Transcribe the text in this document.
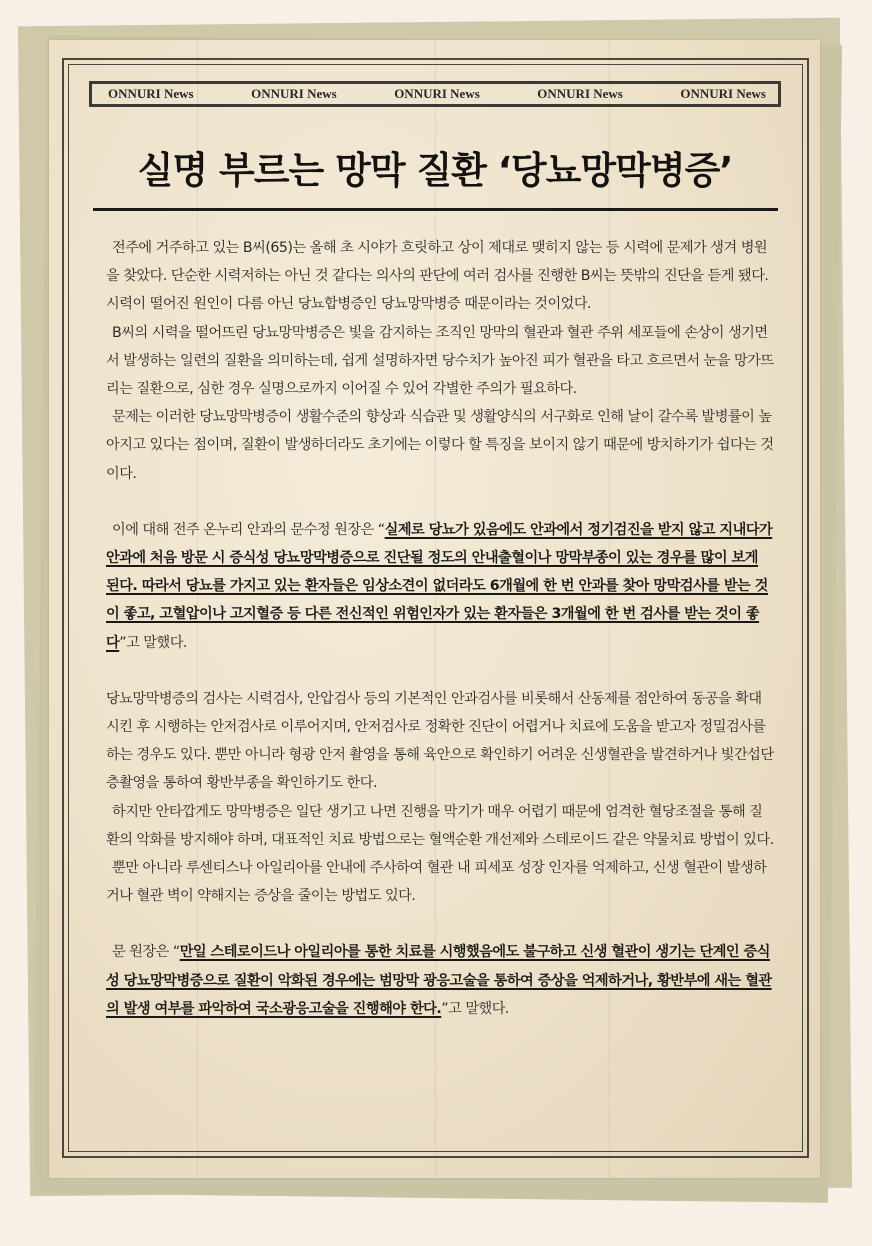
ONNURI News	ONNURI News	ONNURI News	ONNURI News	ONNURI News
실명 부르는 망막 질환 ‘당뇨망막병증’

전주에 거주하고 있는 B씨(65)는 올해 초 시야가 흐릿하고 상이 제대로 맺히지 않는 등 시력에 문제가 생겨 병원을 찾았다. 단순한 시력저하는 아닌 것 같다는 의사의 판단에 여러 검사를 진행한 B씨는 뜻밖의 진단을 듣게 됐다. 시력이 떨어진 원인이 다름 아닌 당뇨합병증인 당뇨망막병증 때문이라는 것이었다.

B씨의 시력을 떨어뜨린 당뇨망막병증은 빛을 감지하는 조직인 망막의 혈관과 혈관 주위 세포들에 손상이 생기면서 발생하는 일련의 질환을 의미하는데, 쉽게 설명하자면 당수치가 높아진 피가 혈관을 타고 흐르면서 눈을 망가뜨리는 질환으로, 심한 경우 실명으로까지 이어질 수 있어 각별한 주의가 필요하다.

문제는 이러한 당뇨망막병증이 생활수준의 향상과 식습관 및 생활양식의 서구화로 인해 날이 갈수록 발병률이 높아지고 있다는 점이며, 질환이 발생하더라도 초기에는 이렇다 할 특징을 보이지 않기 때문에 방치하기가 쉽다는 것이다.

이에 대해 전주 온누리 안과의 문수정 원장은 “실제로 당뇨가 있음에도 안과에서 정기검진을 받지 않고 지내다가 안과에 처음 방문 시 증식성 당뇨망막병증으로 진단될 정도의 안내출혈이나 망막부종이 있는 경우를 많이 보게 된다. 따라서 당뇨를 가지고 있는 환자들은 임상소견이 없더라도 6개월에 한 번 안과를 찾아 망막검사를 받는 것이 좋고, 고혈압이나 고지혈증 등 다른 전신적인 위험인자가 있는 환자들은 3개월에 한 번 검사를 받는 것이 좋다”고 말했다.

당뇨망막병증의 검사는 시력검사, 안압검사 등의 기본적인 안과검사를 비롯해서 산동제를 점안하여 동공을 확대 시킨 후 시행하는 안저검사로 이루어지며, 안저검사로 정확한 진단이 어렵거나 치료에 도움을 받고자 정밀검사를 하는 경우도 있다. 뿐만 아니라 형광 안저 촬영을 통해 육안으로 확인하기 어려운 신생혈관을 발견하거나 빛간섭단층촬영을 통하여 황반부종을 확인하기도 한다.

하지만 안타깝게도 망막병증은 일단 생기고 나면 진행을 막기가 매우 어렵기 때문에 엄격한 혈당조절을 통해 질환의 악화를 방지해야 하며, 대표적인 치료 방법으로는 혈액순환 개선제와 스테로이드 같은 약물치료 방법이 있다.

뿐만 아니라 루센티스나 아일리아를 안내에 주사하여 혈관 내 피세포 성장 인자를 억제하고, 신생 혈관이 발생하거나 혈관 벽이 약해지는 증상을 줄이는 방법도 있다.

문 원장은 “만일 스테로이드나 아일리아를 통한 치료를 시행했음에도 불구하고 신생 혈관이 생기는 단계인 증식성 당뇨망막병증으로 질환이 악화된 경우에는 범망막 광응고술을 통하여 증상을 억제하거나, 황반부에 새는 혈관의 발생 여부를 파악하여 국소광응고술을 진행해야 한다.”고 말했다.
